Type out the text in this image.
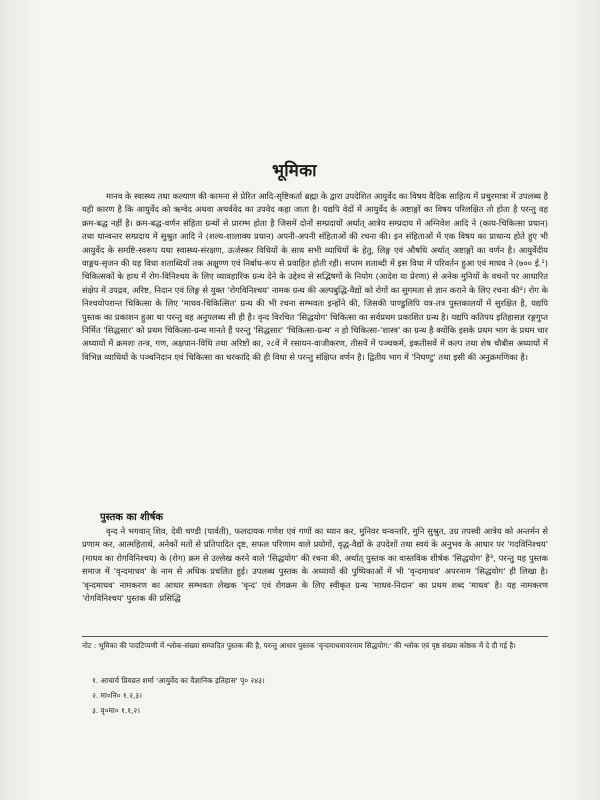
भूमिका

मानव के स्वास्थ्य तथा कल्याण की कामना से प्रेरित आदि-सृष्टिकर्ता ब्रह्मा के द्वारा उपदेशित आयुर्वेद का विषय वैदिक साहित्य में प्रचुरमात्रा में उपलब्ध है यही कारण है कि आयुर्वेद को ऋग्वेद अथवा अथर्ववेद का उपवेद कहा जाता है। यद्यपि वेदों में आयुर्वेद के अष्टाङ्गों का विषय परिलक्षित तो होता है परन्तु वह क्रम-बद्ध नहीं है। क्रम-बद्ध-वर्णन संहिता ग्रन्थों से प्रारम्भ होता है जिसमें दोनों सम्प्रदायों अर्थात् आत्रेय सम्प्रदाय में अग्निवेश आदि ने (काय-चिकित्सा प्रधान) तथा धान्वन्तर सम्प्रदाय में सुश्रुत आदि ने (शल्य-शालाक्य प्रधान) अपनी-अपनी संहिताओं की रचना की। इन संहिताओं में एक विषय का प्राधान्य होते हुए भी आयुर्वेद के समष्टि-स्वरूप यथा स्वास्थ्य-संरक्षण, ऊर्जस्कर विधियों के साथ सभी व्याधियों के हेतु, लिङ्ग एवं औषधि अर्थात् अष्टाङ्गों का वर्णन है। आयुर्वेदीय वाङ्मय-सृजन की यह विधा शताब्दियों तक अक्षुण्ण एवं निर्बाध-रूप से प्रवाहित होती रही। सप्तम शताब्दी में इस विधा में परिवर्तन हुआ एवं माधव ने (७०० ई.¹) चिकित्सकों के हाथ में रोग-विनिश्चय के लिए व्यावहारिक ग्रन्थ देने के उद्देश्य से सद्भिषगों के नियोग (आदेश या प्रेरणा) से अनेक मुनियों के वचनों पर आधारित संक्षेप में उपद्रव, अरिष्ट, निदान एवं लिङ्ग से युक्त 'रोगविनिश्चय' नामक ग्रन्थ की अल्पबुद्धि-वैद्यों को रोगों का सुगमता से ज्ञान कराने के लिए रचना की²। रोग के निश्चयोपरान्त चिकित्सा के लिए 'माधव-चिकित्सित' ग्रन्थ की भी रचना सम्भवतः इन्होंने की, जिसकी पाण्डुलिपि यत्र-तत्र पुस्तकालयों में सुरक्षित है, यद्यपि पुस्तक का प्रकाशन हुआ था परन्तु वह अनुपलब्ध सी ही है। वृन्द विरचित 'सिद्धयोग' चिकित्सा का सर्वप्रथम प्रकाशित ग्रन्थ है। यद्यपि कतिपय इतिहासज्ञ रङ्गगुप्त निर्मित 'सिद्धसार' को प्रथम चिकित्सा-ग्रन्थ मानते हैं परन्तु 'सिद्धसार' 'चिकित्सा-ग्रन्थ' न हो चिकित्सा-'शास्त्र' का ग्रन्थ है क्योंकि इसके प्रथम भाग के प्रथम चार अध्यायों में क्रमशः तन्त्र, गण, अक्षपान-विधि तथा अरिष्टों का, २८वें में रसायन-वाजीकरण, तीसवें में पञ्चकर्म, इकतीसवें में कल्प तथा शेष चौबीस अध्यायों में विभिन्न व्याधियों के पञ्चनिदान एवं चिकित्सा का चरकादि की ही विधा से परन्तु संक्षिप्त वर्णन है। द्वितीय भाग में 'निघण्टु' तथा इसी की अनुक्रमणिका है।

पुस्तक का शीर्षक

वृन्द ने भगवान् शिव, देवी चण्डी (पार्वती), फलदायक गणेश एवं गणों का ध्यान कर, मुनिवर धन्वन्तरि, मुनि सुश्रुत, उग्र तपस्वी आत्रेय को अन्तर्मन से प्रणाम कर, आत्महितार्थ, अनेकों मतों से प्रतिपादित दृष्ट, सफल परिणाम वाले प्रयोगों, वृद्ध-वैद्यों के उपदेशों तथा स्वयं के अनुभव के आधार पर 'गदविनिश्चय' (माधव का रोगविनिश्चय) के (रोग) क्रम से उल्लेख करने वाले 'सिद्धयोग' की रचना की, अर्थात् पुस्तक का वास्तविक शीर्षक 'सिद्धयोग' है³, परन्तु यह पुस्तक समाज में 'वृन्दमाधव' के नाम से अधिक प्रचलित हुई। उपलब्ध पुस्तक के अध्यायों की पुष्पिकाओं में भी 'वृन्दमाधव' अपरनाम 'सिद्धयोग' ही लिखा है। 'वृन्दमाधव' नामकरण का आधार सम्भवतः लेखक 'वृन्द' एवं रोगक्रम के लिए स्वीकृत ग्रन्थ 'माधव-निदान' का प्रथम शब्द 'माधव' है। यह नामकरण 'रोगविनिश्चय' पुस्तक की प्रसिद्धि

नोट : भूमिका की पादटिप्पणी में श्लोक-संख्या सम्पादित पुस्तक की है, परन्तु आधार पुस्तक 'वृन्दमाधवापरनाम सिद्धयोग:' की श्लोक एवं पृष्ठ संख्या कोष्ठक में दे दी गई है।

१. आचार्य प्रियव्रत शर्मा 'आयुर्वेद का वैज्ञानिक इतिहास' पृ० २४३।
२. मा०नि० १.२,३।
३. वृ०मा० १.१,२।
